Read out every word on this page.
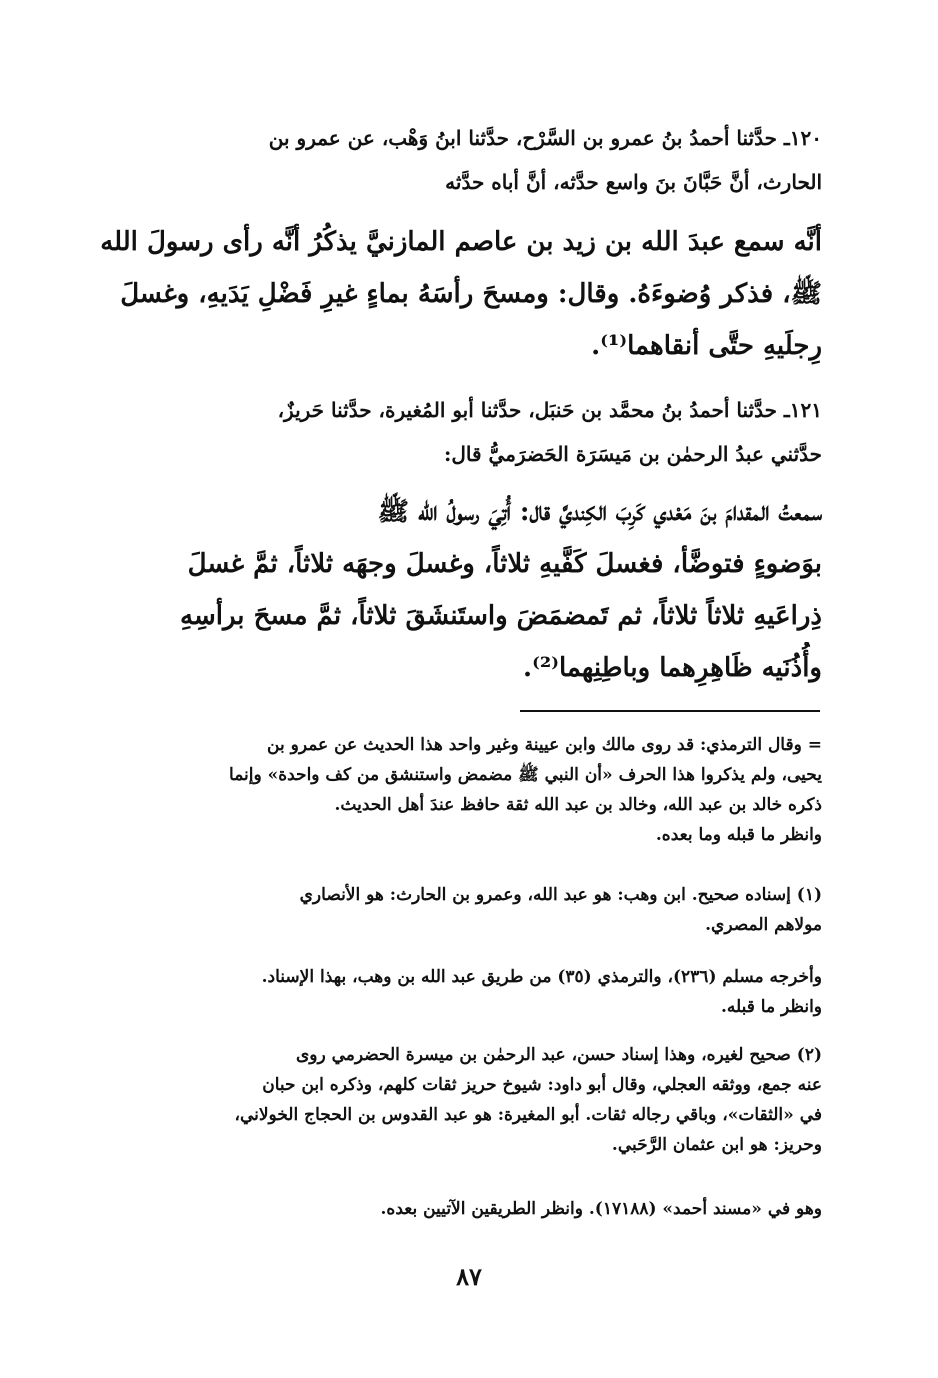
١٢٠ـ حدَّثنا أحمدُ بنُ عمرو بن السَّرْح، حدَّثنا ابنُ وَهْب، عن عمرو بن
الحارث، أنَّ حَبَّانَ بنَ واسع حدَّثه، أنَّ أباه حدَّثه
أنَّه سمع عبدَ الله بن زيد بن عاصم المازنيَّ يذكُرُ أنَّه رأى رسولَ الله
ﷺ، فذكر وُضوءَهُ. وقال: ومسحَ رأسَهُ بماءٍ غيرِ فَضْلِ يَدَيهِ، وغسلَ
رِجلَيهِ حتَّى أنقاهما⁽¹⁾.
١٢١ـ حدَّثنا أحمدُ بنُ محمَّد بن حَنبَل، حدَّثنا أبو المُغيرة، حدَّثنا حَريزٌ،
حدَّثني عبدُ الرحمٰن بن مَيسَرَة الحَضرَميُّ قال:
سمعتُ المقدامَ بنَ مَعْدي كَرِبَ الكِنديَّ قال: أُتِيَ رسولُ الله ﷺ
بوَضوءٍ فتوضَّأ، فغسلَ كَفَّيهِ ثلاثاً، وغسلَ وجهَه ثلاثاً، ثمَّ غسلَ
ذِراعَيهِ ثلاثاً ثلاثاً، ثم تَمضمَضَ واستَنشَقَ ثلاثاً، ثمَّ مسحَ برأسِهِ
وأُذُنَيه ظَاهِرِهما وباطِنِهما⁽²⁾.
= وقال الترمذي: قد روى مالك وابن عيينة وغير واحد هذا الحديث عن عمرو بن
يحيى، ولم يذكروا هذا الحرف «أن النبي ﷺ مضمض واستنشق من كف واحدة» وإنما
ذكره خالد بن عبد الله، وخالد بن عبد الله ثقة حافظ عندَ أهل الحديث.
وانظر ما قبله وما بعده.
(١) إسناده صحيح. ابن وهب: هو عبد الله، وعمرو بن الحارث: هو الأنصاري
مولاهم المصري.
وأخرجه مسلم (٢٣٦)، والترمذي (٣٥) من طريق عبد الله بن وهب، بهذا الإسناد.
وانظر ما قبله.
(٢) صحيح لغيره، وهذا إسناد حسن، عبد الرحمٰن بن ميسرة الحضرمي روى
عنه جمع، ووثقه العجلي، وقال أبو داود: شيوخ حريز ثقات كلهم، وذكره ابن حبان
في «الثقات»، وباقي رجاله ثقات. أبو المغيرة: هو عبد القدوس بن الحجاج الخولاني،
وحريز: هو ابن عثمان الرَّحَبي.
وهو في «مسند أحمد» (١٧١٨٨). وانظر الطريقين الآتيين بعده.
٨٧
